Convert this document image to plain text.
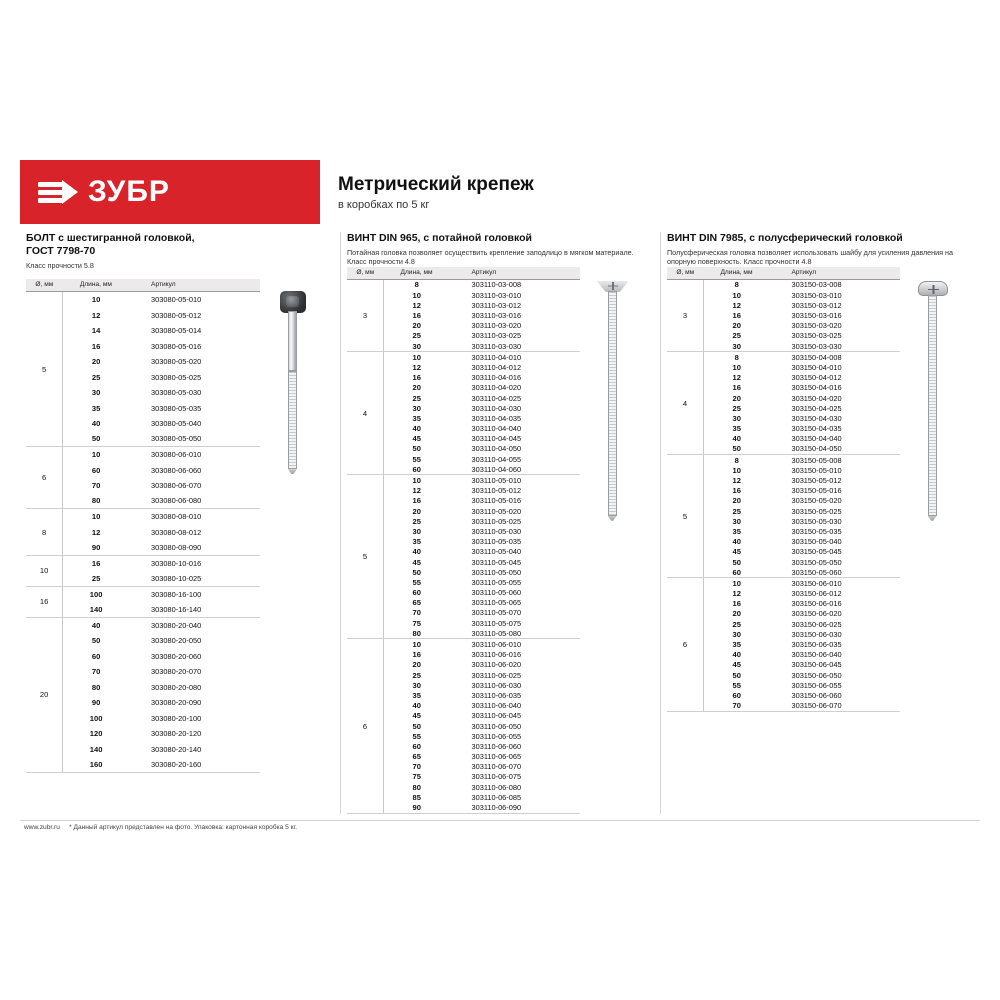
ЗУБР	Метрический крепеж
в коробках по 5 кг
БОЛТ с шестигранной головкой,
ГОСТ 7798-70
Класс прочности 5.8
Ø, мм	Длина, мм	Артикул
5	10	303080-05-010
	12	303080-05-012
	14	303080-05-014
	16	303080-05-016
	20	303080-05-020
	25	303080-05-025
	30	303080-05-030
	35	303080-05-035
	40	303080-05-040
	50	303080-05-050
6	10	303080-06-010
	60	303080-06-060
	70	303080-06-070
	80	303080-06-080
8	10	303080-08-010
	12	303080-08-012
	90	303080-08-090
10	16	303080-10-016
	25	303080-10-025
16	100	303080-16-100
	140	303080-16-140
20	40	303080-20-040
	50	303080-20-050
	60	303080-20-060
	70	303080-20-070
	80	303080-20-080
	90	303080-20-090
	100	303080-20-100
	120	303080-20-120
	140	303080-20-140
	160	303080-20-160
ВИНТ DIN 965, с потайной головкой
Потайная головка позволяет осуществить крепление заподлицо в мягком материале. Класс прочности 4.8
Ø, мм	Длина, мм	Артикул
3	8	303110-03-008
	10	303110-03-010
	12	303110-03-012
	16	303110-03-016
	20	303110-03-020
	25	303110-03-025
	30	303110-03-030
4	10	303110-04-010
	12	303110-04-012
	16	303110-04-016
	20	303110-04-020
	25	303110-04-025
	30	303110-04-030
	35	303110-04-035
	40	303110-04-040
	45	303110-04-045
	50	303110-04-050
	55	303110-04-055
	60	303110-04-060
5	10	303110-05-010
	12	303110-05-012
	16	303110-05-016
	20	303110-05-020
	25	303110-05-025
	30	303110-05-030
	35	303110-05-035
	40	303110-05-040
	45	303110-05-045
	50	303110-05-050
	55	303110-05-055
	60	303110-05-060
	65	303110-05-065
	70	303110-05-070
	75	303110-05-075
	80	303110-05-080
6	10	303110-06-010
	16	303110-06-016
	20	303110-06-020
	25	303110-06-025
	30	303110-06-030
	35	303110-06-035
	40	303110-06-040
	45	303110-06-045
	50	303110-06-050
	55	303110-06-055
	60	303110-06-060
	65	303110-06-065
	70	303110-06-070
	75	303110-06-075
	80	303110-06-080
	85	303110-06-085
	90	303110-06-090
ВИНТ DIN 7985, с полусферический головкой
Полусферическая головка позволяет использовать шайбу для усиления давления на опорную поверхность. Класс прочности 4.8
Ø, мм	Длина, мм	Артикул
3	8	303150-03-008
	10	303150-03-010
	12	303150-03-012
	16	303150-03-016
	20	303150-03-020
	25	303150-03-025
	30	303150-03-030
4	8	303150-04-008
	10	303150-04-010
	12	303150-04-012
	16	303150-04-016
	20	303150-04-020
	25	303150-04-025
	30	303150-04-030
	35	303150-04-035
	40	303150-04-040
	50	303150-04-050
5	8	303150-05-008
	10	303150-05-010
	12	303150-05-012
	16	303150-05-016
	20	303150-05-020
	25	303150-05-025
	30	303150-05-030
	35	303150-05-035
	40	303150-05-040
	45	303150-05-045
	50	303150-05-050
	60	303150-05-060
6	10	303150-06-010
	12	303150-06-012
	16	303150-06-016
	20	303150-06-020
	25	303150-06-025
	30	303150-06-030
	35	303150-06-035
	40	303150-06-040
	45	303150-06-045
	50	303150-06-050
	55	303150-06-055
	60	303150-06-060
	70	303150-06-070
www.zubr.ru * Данный артикул представлен на фото. Упаковка: картонная коробка 5 кг.
